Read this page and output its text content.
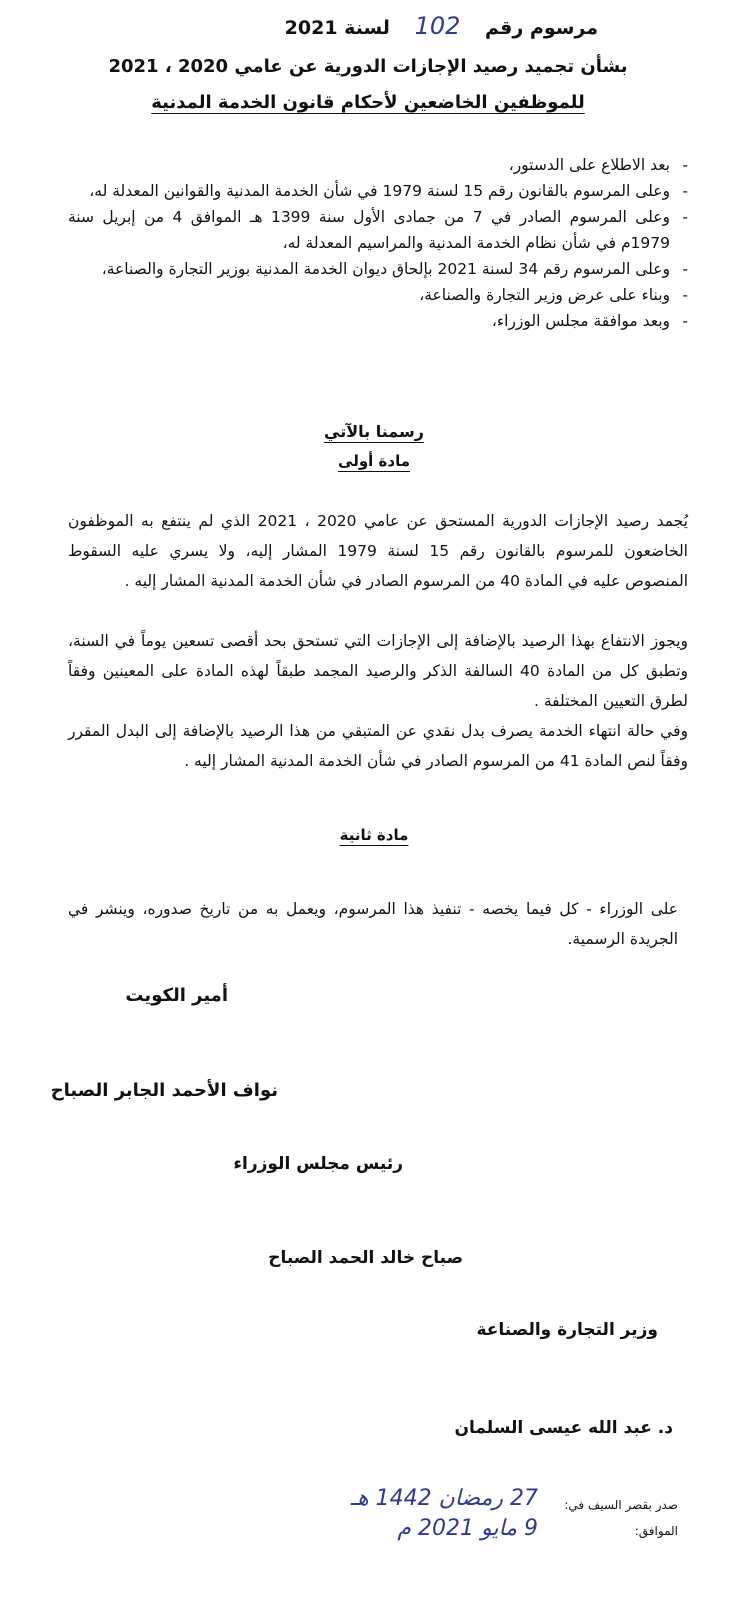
مرسوم رقم 102 لسنة 2021
بشأن تجميد رصيد الإجازات الدورية عن عامي 2020 ، 2021
للموظفين الخاضعين لأحكام قانون الخدمة المدنية
-
بعد الاطلاع على الدستور،
-
وعلى المرسوم بالقانون رقم 15 لسنة 1979 في شأن الخدمة المدنية والقوانين المعدلة له،
-
وعلى المرسوم الصادر في 7 من جمادى الأول سنة 1399 هـ الموافق 4 من إبريل سنة 1979م في شأن نظام الخدمة المدنية والمراسيم المعدلة له،
-
وعلى المرسوم رقم 34 لسنة 2021 بإلحاق ديوان الخدمة المدنية بوزير التجارة والصناعة،
-
وبناء على عرض وزير التجارة والصناعة،
-
وبعد موافقة مجلس الوزراء،
رسمنا بالآتي
مادة أولى
يُجمد رصيد الإجازات الدورية المستحق عن عامي 2020 ، 2021 الذي لم ينتفع به الموظفون الخاضعون للمرسوم بالقانون رقم 15 لسنة 1979 المشار إليه، ولا يسري عليه السقوط المنصوص عليه في المادة 40 من المرسوم الصادر في شأن الخدمة المدنية المشار إليه .
ويجوز الانتفاع بهذا الرصيد بالإضافة إلى الإجازات التي تستحق بحد أقصى تسعين يوماً في السنة، وتطبق كل من المادة 40 السالفة الذكر والرصيد المجمد طبقاً لهذه المادة على المعينين وفقاً لطرق التعيين المختلفة .
وفي حالة انتهاء الخدمة يصرف بدل نقدي عن المتبقي من هذا الرصيد بالإضافة إلى البدل المقرر وفقاً لنص المادة 41 من المرسوم الصادر في شأن الخدمة المدنية المشار إليه .
مادة ثانية
على الوزراء - كل فيما يخصه - تنفيذ هذا المرسوم، ويعمل به من تاريخ صدوره، وينشر في الجريدة الرسمية.
أمير الكويت
نواف الأحمد الجابر الصباح
رئيس مجلس الوزراء
صباح خالد الحمد الصباح
وزير التجارة والصناعة
د. عبد الله عيسى السلمان
صدر بقصر السيف في:
27 رمضان 1442 هـ
الموافق:
9 مايو 2021 م
